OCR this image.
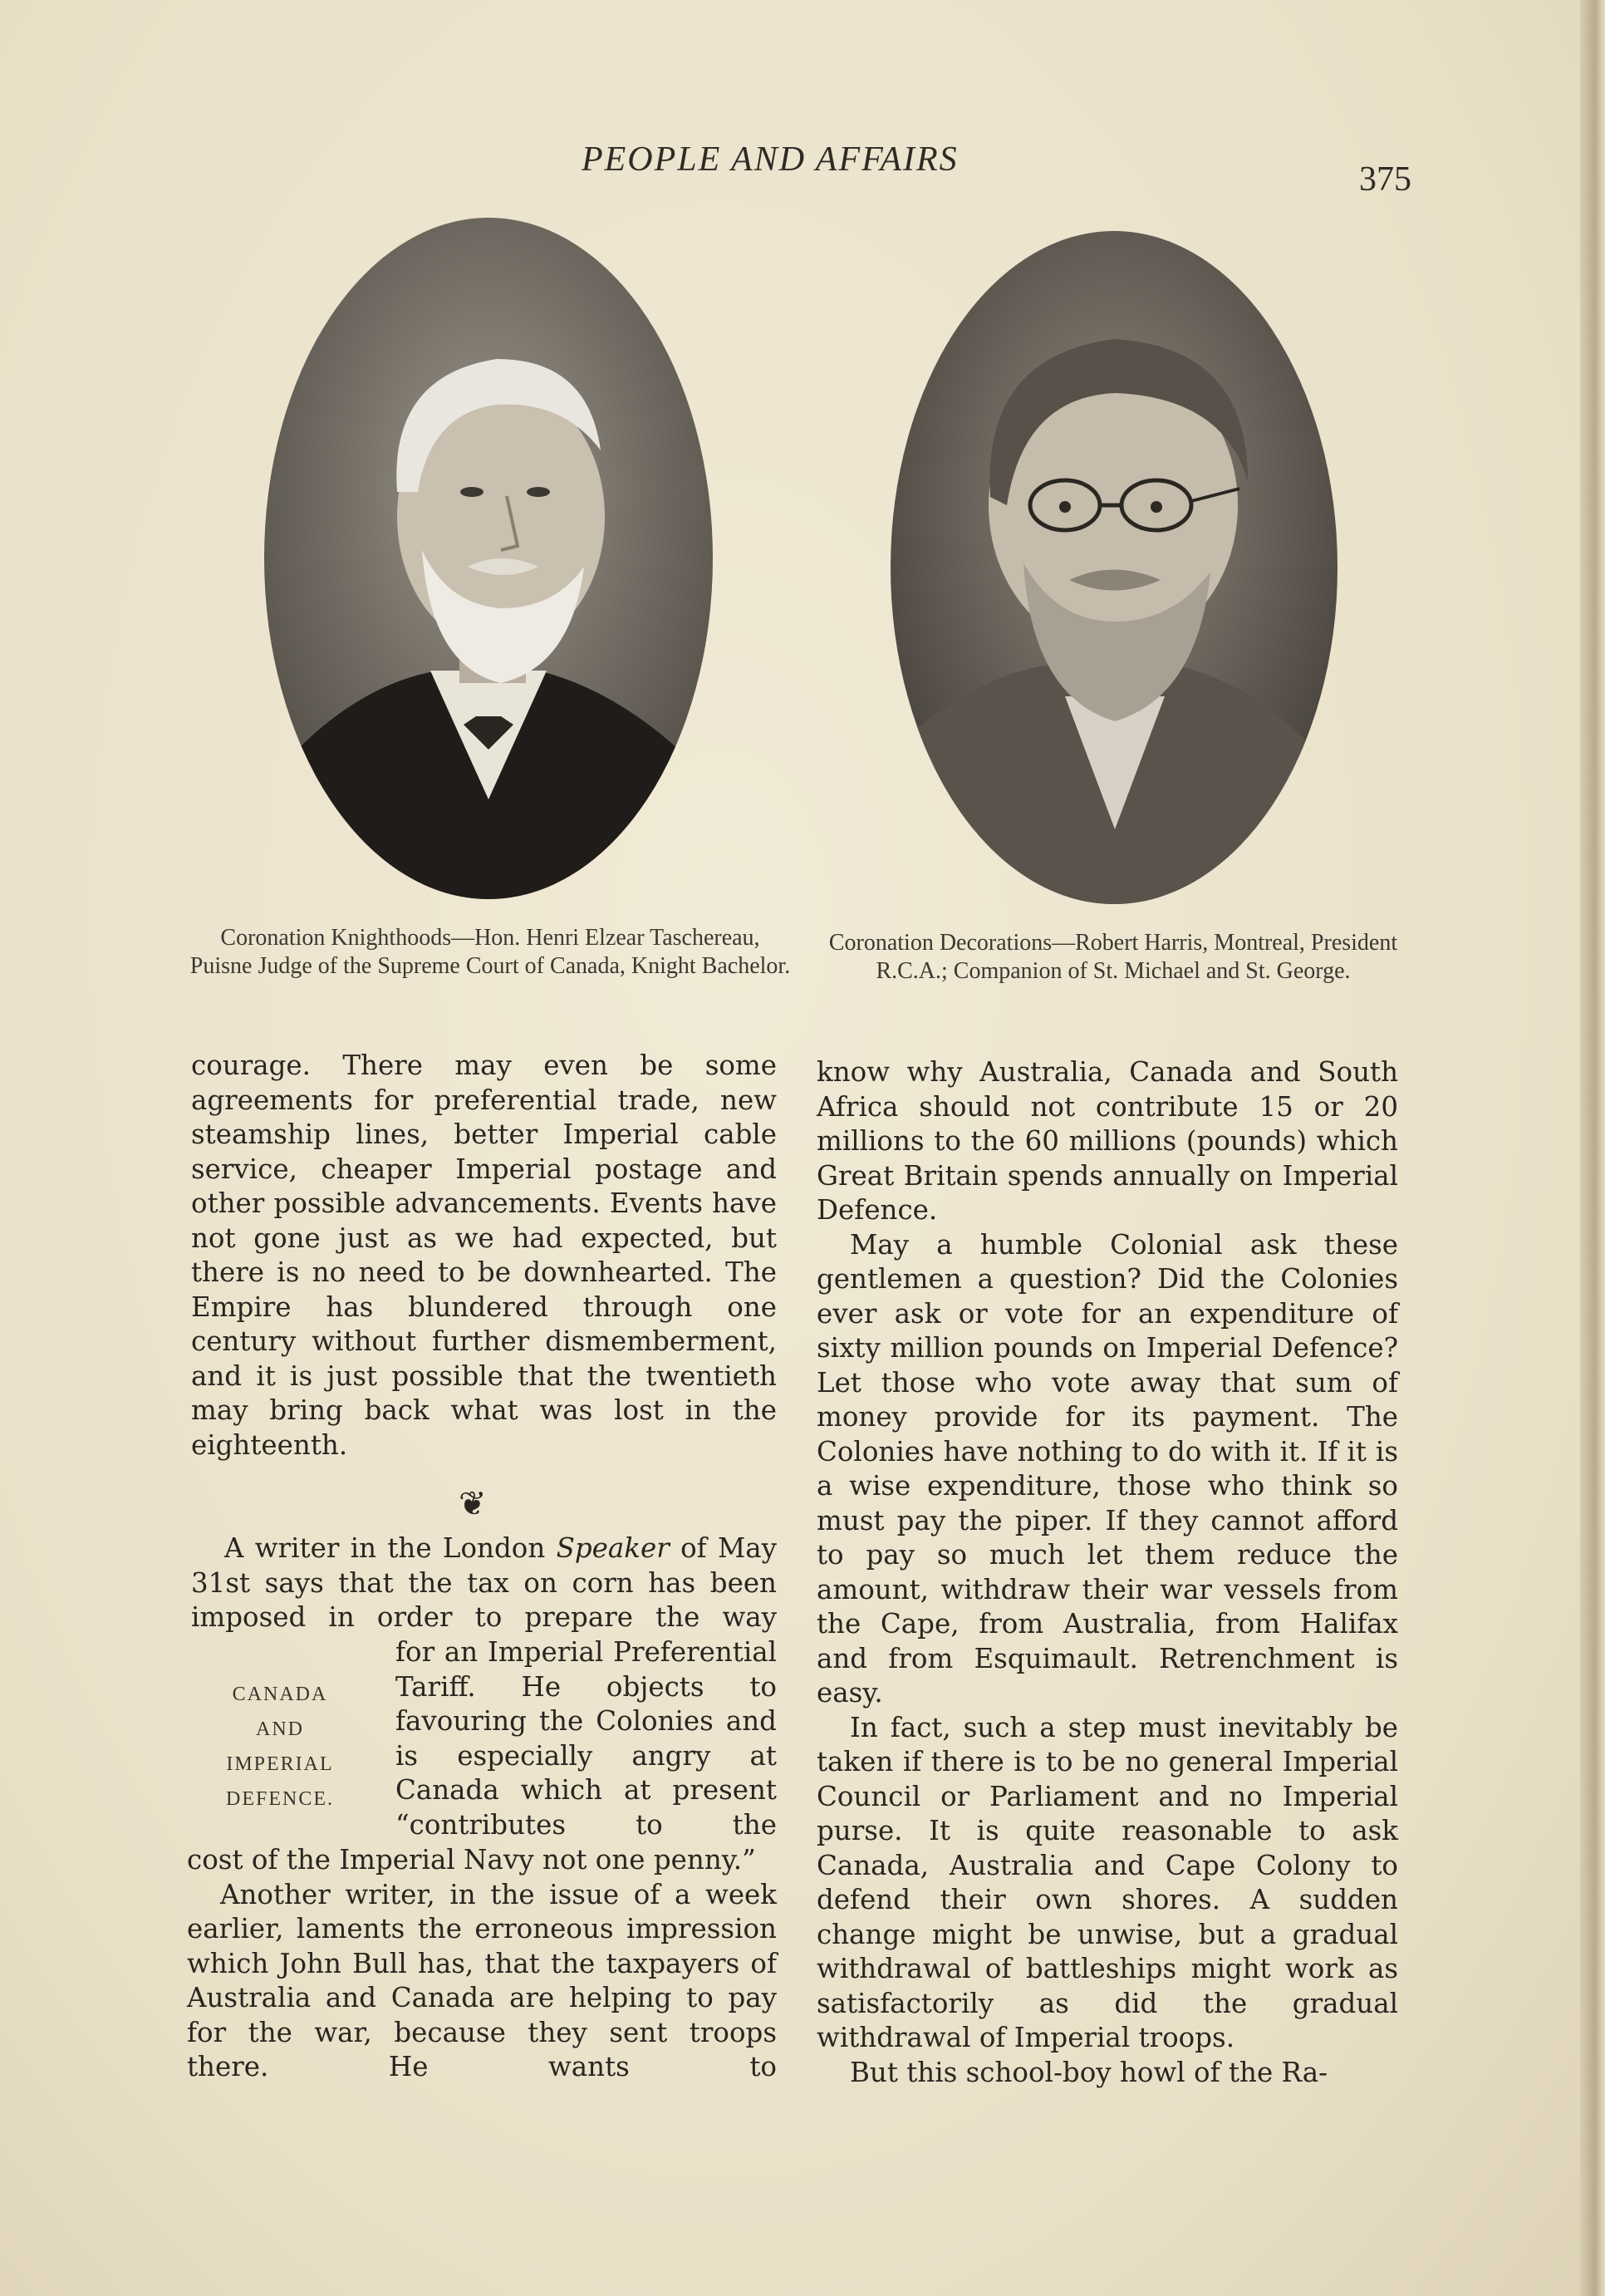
PEOPLE AND AFFAIRS
375
Coronation Knighthoods—Hon. Henri Elzear Taschereau, Puisne Judge of the Supreme Court of Canada, Knight Bachelor.
Coronation Decorations—Robert Harris, Montreal, President R.C.A.; Companion of St. Michael and St. George.

courage. There may even be some agreements for preferential trade, new steamship lines, better Imperial cable service, cheaper Imperial postage and other possible advancements. Events have not gone just as we had expected, but there is no need to be downhearted. The Empire has blundered through one century without further dismemberment, and it is just possible that the twentieth may bring back what was lost in the eighteenth.

❦

A writer in the London Speaker of May 31st says that the tax on corn has been imposed in order to prepare the way

CANADA
AND
IMPERIAL
DEFENCE.

for an Imperial Preferential Tariff. He objects to favouring the Colonies and is especially angry at Canada which at present “contributes to the

cost of the Imperial Navy not one penny.”

Another writer, in the issue of a week earlier, laments the erroneous impression which John Bull has, that the taxpayers of Australia and Canada are helping to pay for the war, because they sent troops there. He wants to

know why Australia, Canada and South Africa should not contribute 15 or 20 millions to the 60 millions (pounds) which Great Britain spends annually on Imperial Defence.

May a humble Colonial ask these gentlemen a question? Did the Colonies ever ask or vote for an expenditure of sixty million pounds on Imperial Defence? Let those who vote away that sum of money provide for its payment. The Colonies have nothing to do with it. If it is a wise expenditure, those who think so must pay the piper. If they cannot afford to pay so much let them reduce the amount, withdraw their war vessels from the Cape, from Australia, from Halifax and from Esquimault. Retrenchment is easy.

In fact, such a step must inevitably be taken if there is to be no general Imperial Council or Parliament and no Imperial purse. It is quite reasonable to ask Canada, Australia and Cape Colony to defend their own shores. A sudden change might be unwise, but a gradual withdrawal of battleships might work as satisfactorily as did the gradual withdrawal of Imperial troops.

But this school-boy howl of the Ra-
